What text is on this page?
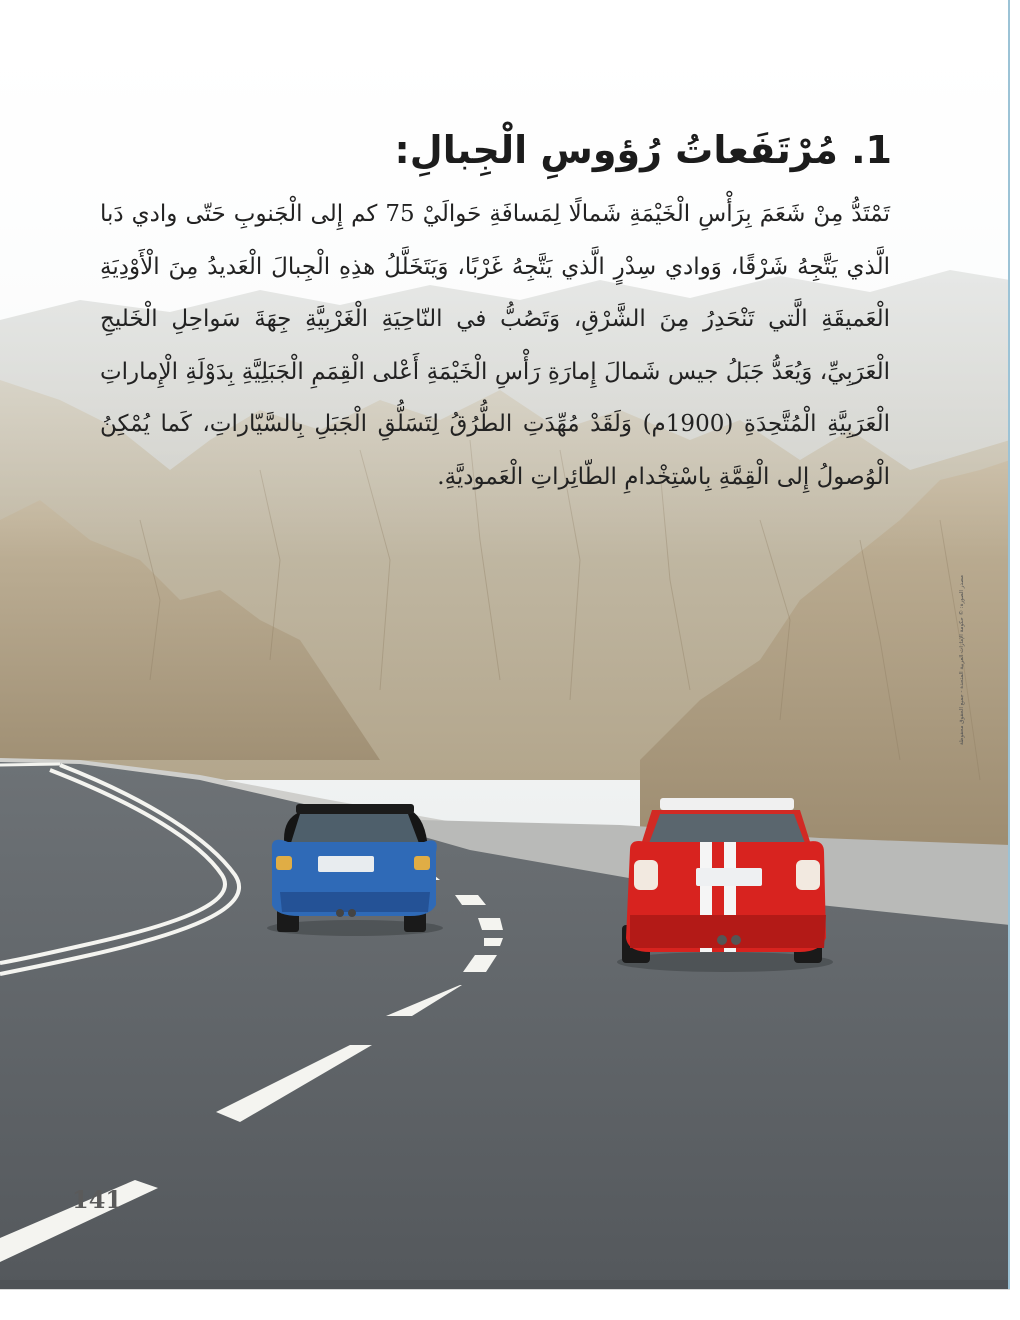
1. مُرْتَفَعاتُ رُؤوسِ الْجِبالِ:
تَمْتَدُّ مِنْ شَعَمَ بِرَأْسِ الْخَيْمَةِ شَمالًا لِمَسافَةِ حَوالَيْ 75 كم إِلى الْجَنوبِ حَتّى وادي دَبا الَّذي يَتَّجِهُ شَرْقًا، وَوادي سِدْرٍ الَّذي يَتَّجِهُ غَرْبًا، وَيَتَخَلَّلُ هذِهِ الْجِبالَ الْعَديدُ مِنَ الْأَوْدِيَةِ الْعَميقَةِ الَّتي تَنْحَدِرُ مِنَ الشَّرْقِ، وَتَصُبُّ في النّاحِيَةِ الْغَرْبِيَّةِ جِهَةَ سَواحِلِ الْخَليجِ الْعَرَبِيِّ، وَيُعَدُّ جَبَلُ جيس شَمالَ إِمارَةِ رَأْسِ الْخَيْمَةِ أَعْلى الْقِمَمِ الْجَبَلِيَّةِ بِدَوْلَةِ الْإِماراتِ الْعَرَبِيَّةِ الْمُتَّحِدَةِ (1900م) وَلَقَدْ مُهِّدَتِ الطُّرُقُ لِتَسَلُّقِ الْجَبَلِ بِالسَّيّاراتِ، كَما يُمْكِنُ الْوُصولُ إِلى الْقِمَّةِ بِاسْتِخْدامِ الطّائِراتِ الْعَموديَّةِ.
مصدر الصورة: © حكومة الإمارات العربية المتحدة - جميع الحقوق محفوظة
141
